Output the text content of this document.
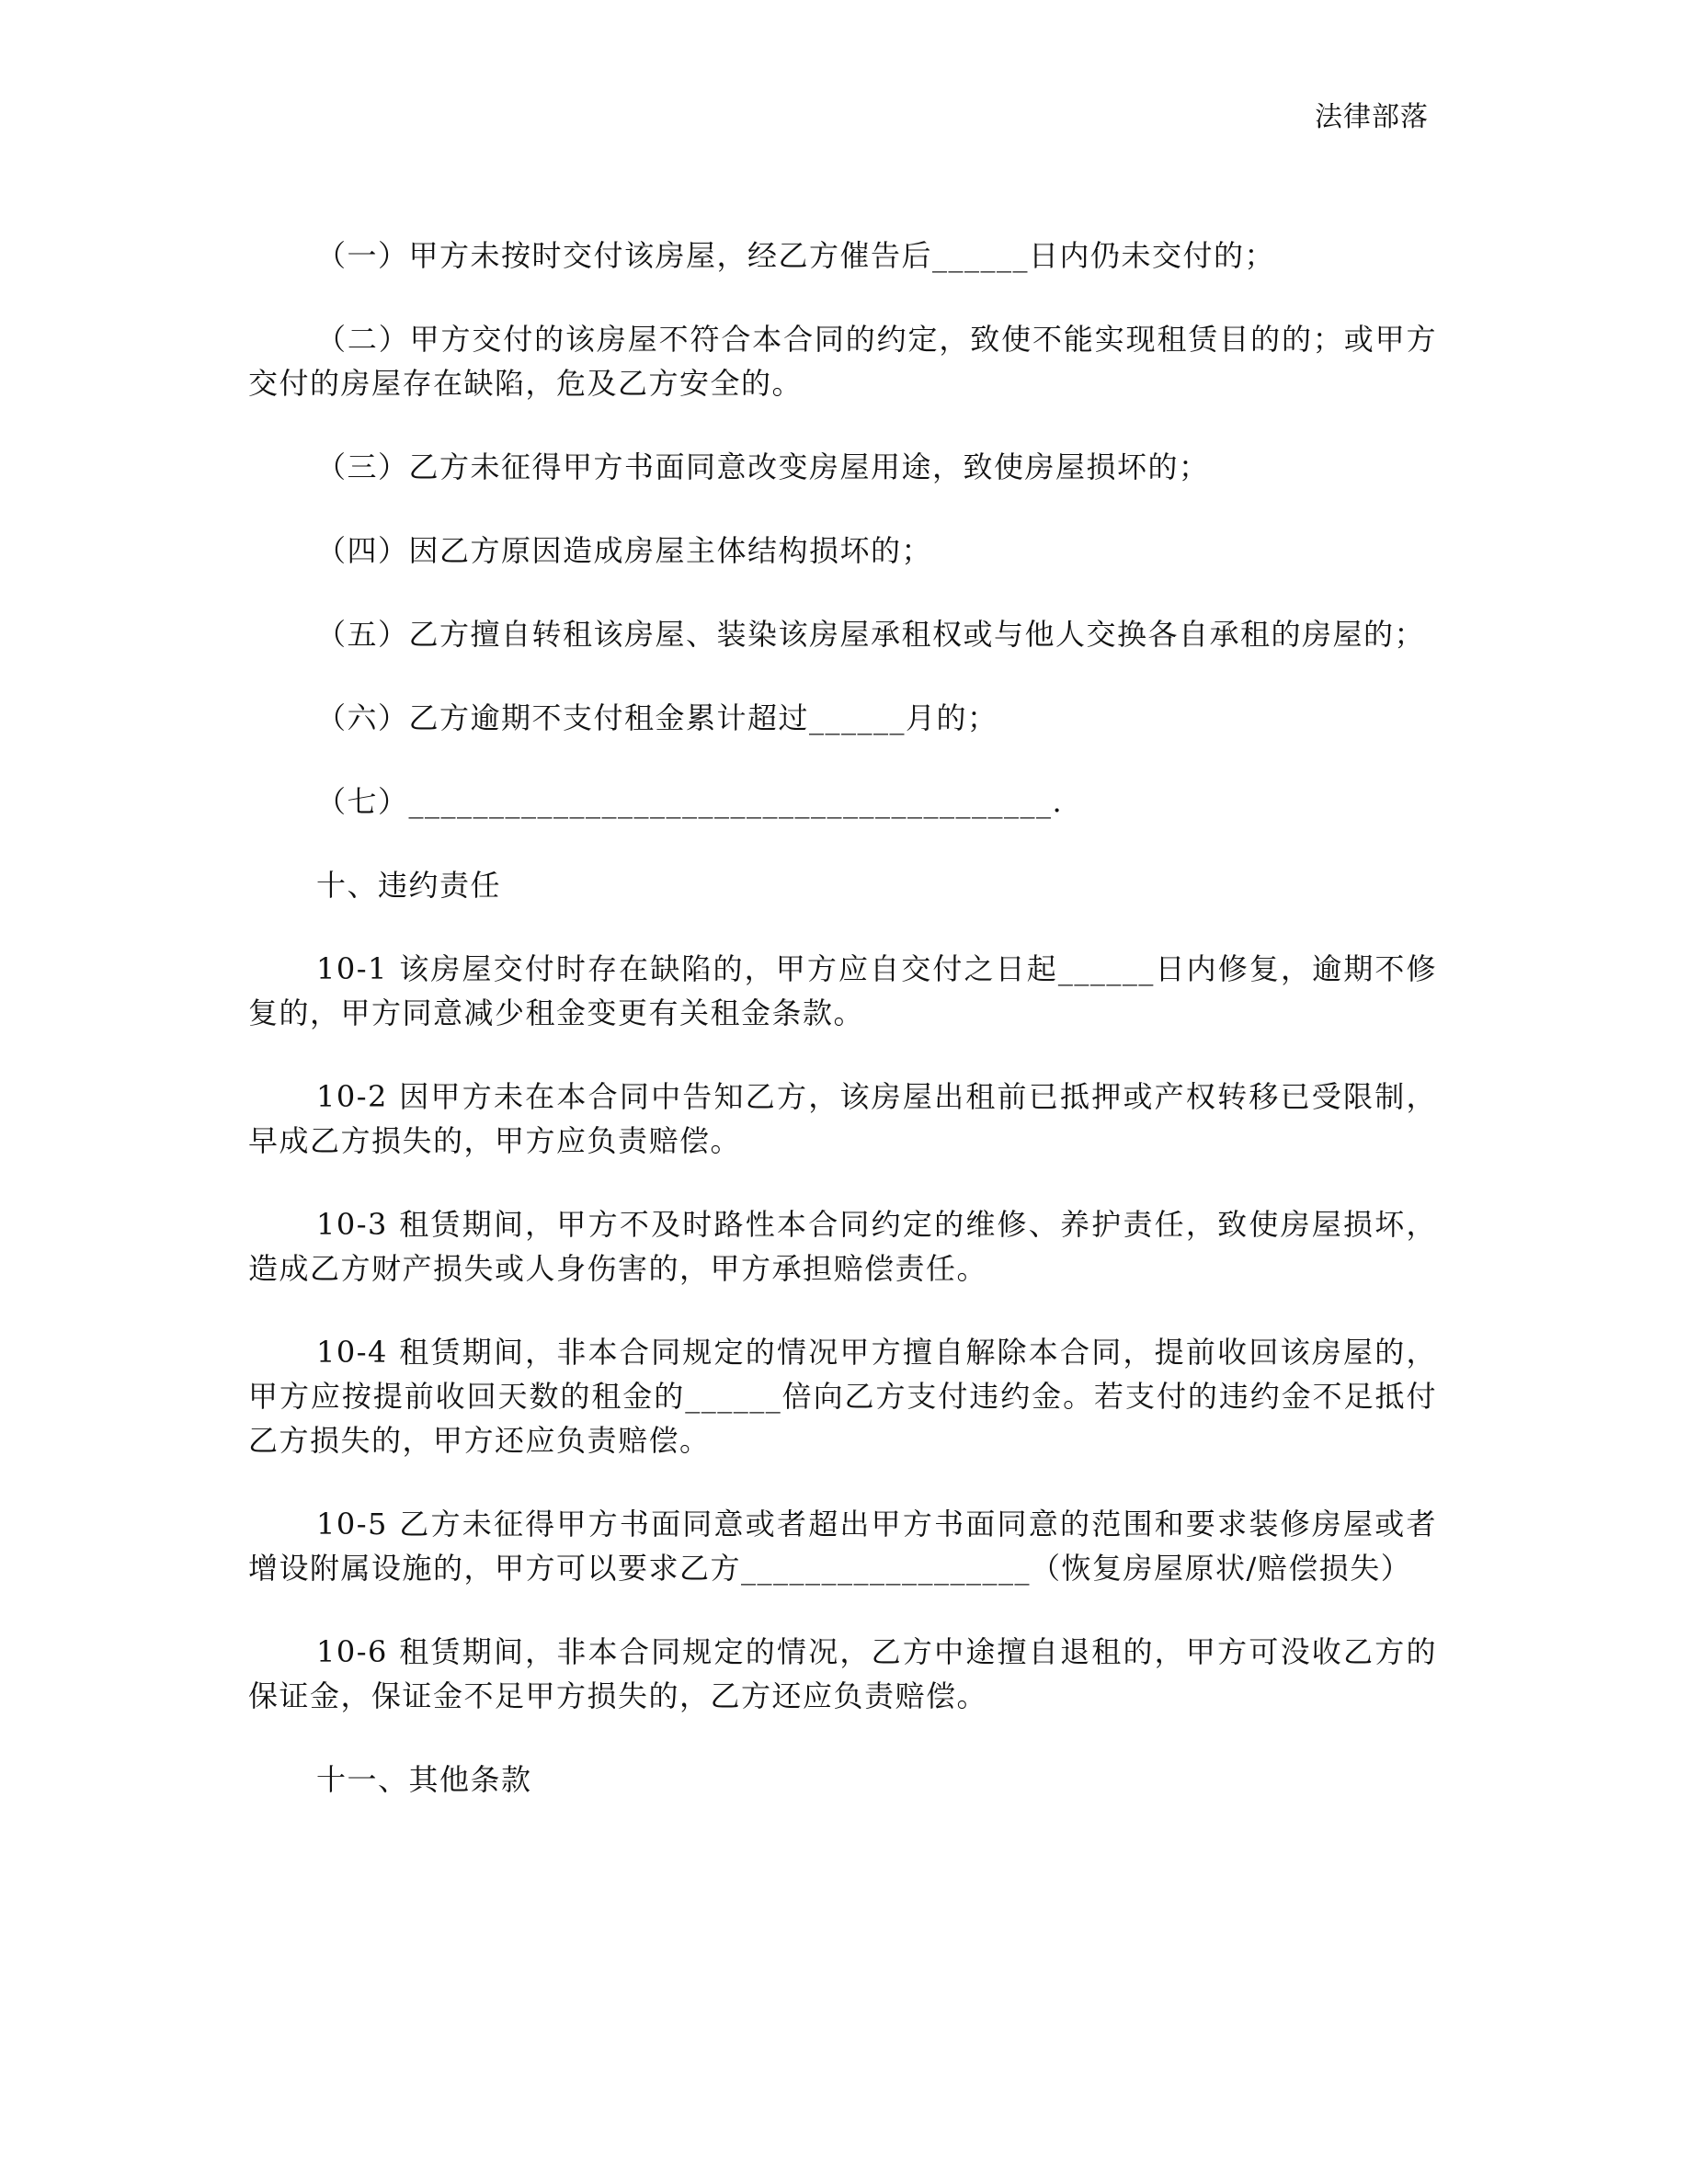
法律部落

（一）甲方未按时交付该房屋，经乙方催告后______日内仍未交付的；

（二）甲方交付的该房屋不符合本合同的约定，致使不能实现租赁目的的；或甲方交付的房屋存在缺陷，危及乙方安全的。

（三）乙方未征得甲方书面同意改变房屋用途，致使房屋损坏的；

（四）因乙方原因造成房屋主体结构损坏的；

（五）乙方擅自转租该房屋、装染该房屋承租权或与他人交换各自承租的房屋的；

（六）乙方逾期不支付租金累计超过______月的；

（七）________________________________________.

十、违约责任

10-1 该房屋交付时存在缺陷的，甲方应自交付之日起______日内修复，逾期不修复的，甲方同意减少租金变更有关租金条款。

10-2 因甲方未在本合同中告知乙方，该房屋出租前已抵押或产权转移已受限制，早成乙方损失的，甲方应负责赔偿。

10-3 租赁期间，甲方不及时路性本合同约定的维修、养护责任，致使房屋损坏，造成乙方财产损失或人身伤害的，甲方承担赔偿责任。

10-4 租赁期间，非本合同规定的情况甲方擅自解除本合同，提前收回该房屋的，甲方应按提前收回天数的租金的______倍向乙方支付违约金。若支付的违约金不足抵付乙方损失的，甲方还应负责赔偿。

10-5 乙方未征得甲方书面同意或者超出甲方书面同意的范围和要求装修房屋或者增设附属设施的，甲方可以要求乙方__________________（恢复房屋原状/赔偿损失）

10-6 租赁期间，非本合同规定的情况，乙方中途擅自退租的，甲方可没收乙方的保证金，保证金不足甲方损失的，乙方还应负责赔偿。

十一、其他条款
